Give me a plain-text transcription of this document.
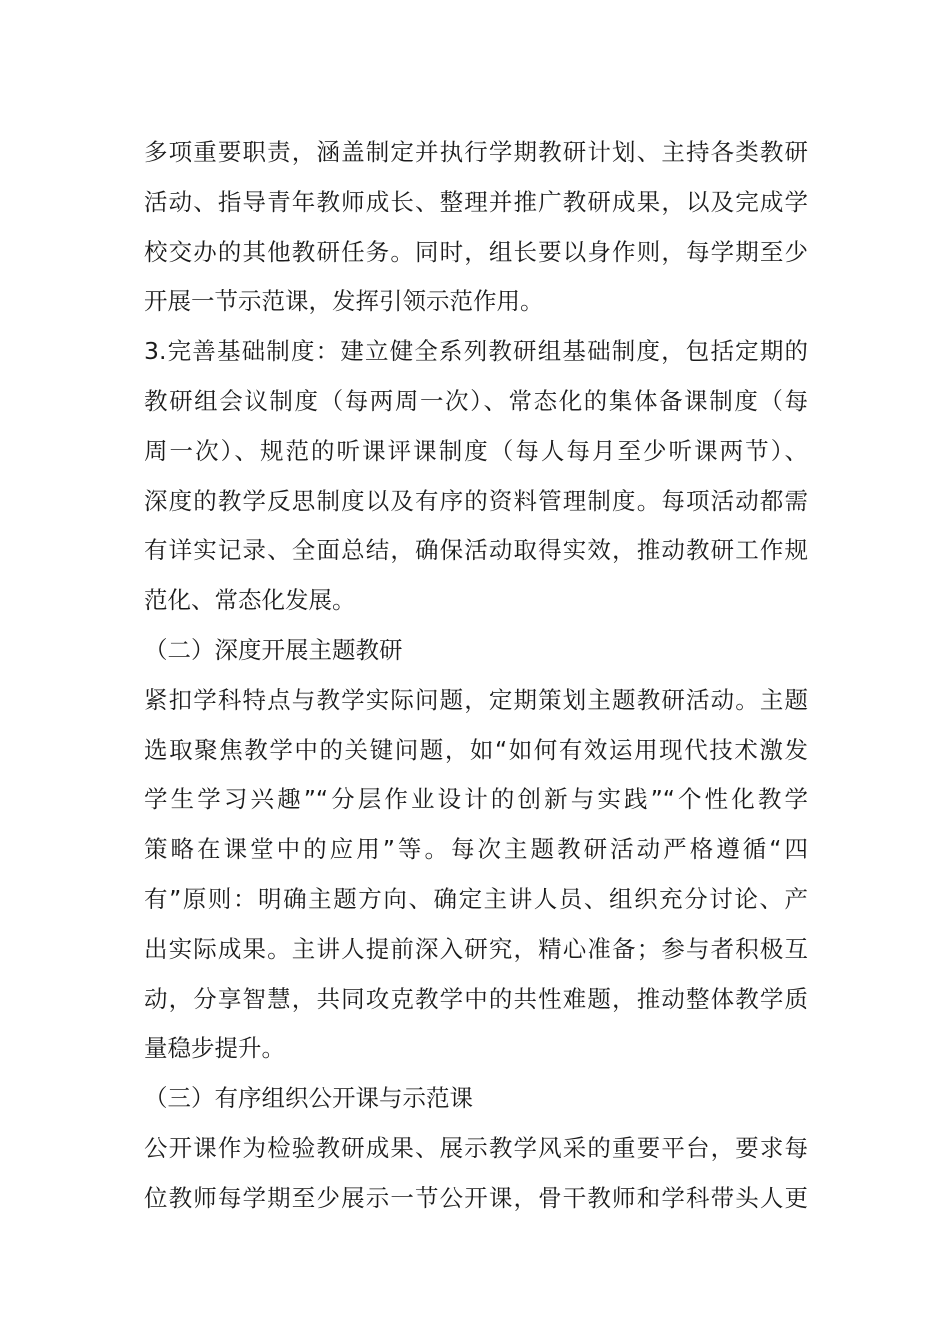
多项重要职责，涵盖制定并执行学期教研计划、主持各类教研
活动、指导青年教师成长、整理并推广教研成果，以及完成学
校交办的其他教研任务。同时，组长要以身作则，每学期至少
开展一节示范课，发挥引领示范作用。
3.完善基础制度：建立健全系列教研组基础制度，包括定期的
教研组会议制度（每两周一次）、常态化的集体备课制度（每
周一次）、规范的听课评课制度（每人每月至少听课两节）、
深度的教学反思制度以及有序的资料管理制度。每项活动都需
有详实记录、全面总结，确保活动取得实效，推动教研工作规
范化、常态化发展。
（二）深度开展主题教研
紧扣学科特点与教学实际问题，定期策划主题教研活动。主题
选取聚焦教学中的关键问题，如“如何有效运用现代技术激发
学生学习兴趣”“分层作业设计的创新与实践”“个性化教学
策略在课堂中的应用”等。每次主题教研活动严格遵循“四
有”原则：明确主题方向、确定主讲人员、组织充分讨论、产
出实际成果。主讲人提前深入研究，精心准备；参与者积极互
动，分享智慧，共同攻克教学中的共性难题，推动整体教学质
量稳步提升。
（三）有序组织公开课与示范课
公开课作为检验教研成果、展示教学风采的重要平台，要求每
位教师每学期至少展示一节公开课，骨干教师和学科带头人更
